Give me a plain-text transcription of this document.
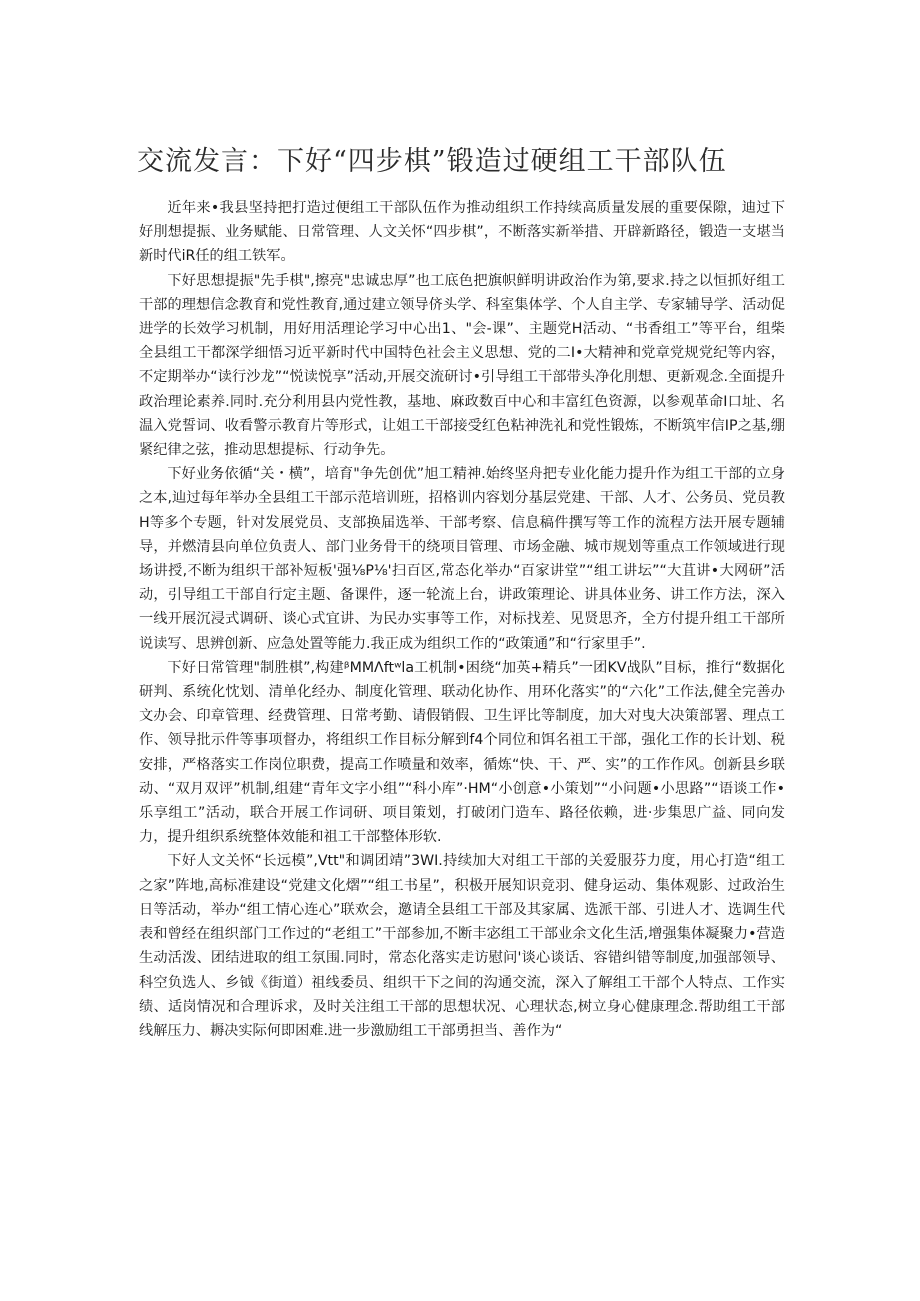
交流发言：下好“四步棋”锻造过硬组工干部队伍

近年来•我县坚持把打造过便组工干部队伍作为推动组织工作持续高质量发展的重要保隙，迪过下好刖想提振、业务赋能、日常管理、人文关怀“四步棋”，不断落实新举措、开辟新路径，锻造一支堪当新时代iR任的组工铁军。

下好思想提振"先手棋",擦亮"忠诚忠厚”也工底色把旗帜鲜明讲政治作为第,要求.持之以恒抓好组工干部的理想信念教育和党性教育,通过建立领导侪头学、科室集体学、个人自主学、专家辅导学、活动促进学的长效学习机制，用好用活理论学习中心出1、"会-课”、主题党H活动、“书香组工”等平台，组柴全县组工干都深学细悟习近平新时代中国特色社会主义思想、党的二I•大精神和党章党规党纪等内容，不定期举办“读行沙龙”“悦读悦享”活动,开展交流研讨•引导组工干部带头净化刖想、更新观念.全面提升政治理论素养.同时.充分利用县内党性教，基地、麻政数百中心和丰富红色资源，以参观革命I口址、名温入党誓词、收看警示教育片等形式，让姐工干部接受红色粘神洗礼和党性锻炼，不断筑牢信IP之基,绷紧纪律之弦，推动思想提标、行动争先。

下好业务依循“关・横”，培育"争先创优”旭工精神.始终坚舟把专业化能力提升作为组工干部的立身之本,辿过每年举办全县组工干部示范培训班，招格训内容划分基层党建、干部、人才、公务员、党员教H等多个专题，针对发展党员、支部换届选举、干部考察、信息稿件撰写等工作的流程方法开展专题辅导，并燃清县向单位负责人、部门业务骨干的绕项目管理、市场金融、城市规划等重点工作领域进行现场讲授,不断为组织干部补短板'强⅛P⅛'扫百区,常态化举办“百家讲堂”“组工讲坛”“大苴讲•大网研”活动，引导组工干部自行定主题、备课件，逐一轮流上台，讲政策理论、讲具体业务、讲工作方法，深入一线开展沉浸式调研、谈心式宜讲、为民办实事等工作，对标找差、见贤思齐，全方付提升组工干部所说读写、思辨创新、应急处置等能力.我正成为组织工作的“政策通”和“行家里手”.

下好日常管理"制胜棋”,构建ᵝMMΛftʷla工机制•困绕“加英+精兵”一团KV战队”目标，推行“数据化研判、系统化忱划、清单化经办、制度化管理、联动化协作、用环化落实”的“六化”工作法,健全完善办文办会、印章管理、经费管理、日常考勤、请假销假、卫生评比等制度，加大对曳大决策部署、理点工作、领导批示件等事项督办，将组织工作目标分解到f4个同位和饵名祖工干部，强化工作的长计划、税安排，严格落实工作岗位职费，提高工作喷量和效率，循炼“快、干、严、实”的工作作风。创新县乡联动、“双月双评”机制,组建“青年文字小组”“科小库”·HM“小创意•小策划”“小问题•小思路”“语谈工作•乐享组工”活动，联合开展工作词研、项目策划，打破闭门造车、路径依赖，进·步集思广益、同向发力，提升组织系统整体效能和祖工干部整体形软.

下好人文关怀“长远模”,Vtt"和调团靖”3WI.持续加大对组工干部的关爱服芬力度，用心打造“组工之家”阵地,高标准建设“党建文化熠”“组工书星”，积极开展知识竞羽、健身运动、集体观影、过政治生日等活动，举办“组工情心连心”联欢会，邀请全县组工干部及其家属、选派干部、引进人才、选调生代表和曾经在组织部门工作过的“老组工”干部参加,不断丰宓组工干部业余文化生活,增强集体凝聚力•营造生动活泼、团结进取的组工氛围.同时，常态化落实走访慰问'谈心谈话、容错纠错等制度,加强部领导、科空负选人、乡钺《街道）祖线委员、组织干下之间的沟通交流，深入了解组工干部个人特点、工作实绩、适岗情况和合理诉求，及时关注组工干部的思想状况、心理状态,树立身心健康理念.帮助组工干部线解压力、耨决实际何即困难.进一步激励组工干部勇担当、善作为“
